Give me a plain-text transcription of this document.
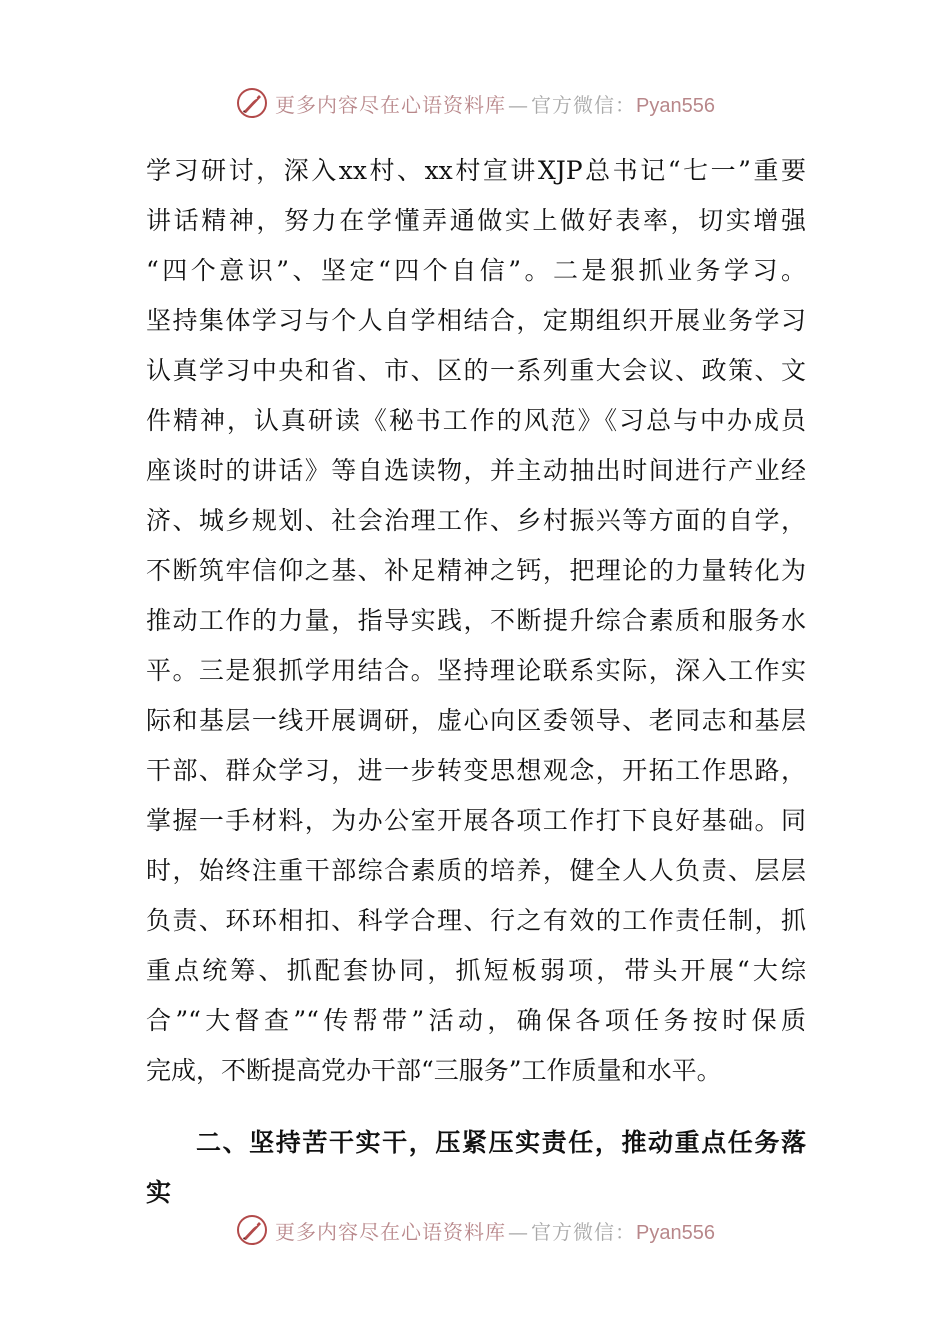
更多内容尽在心语资料库 — 官方微信：Pyan556
学习研讨，深入xx村、xx村宣讲XJP总书记“七一”重要
讲话精神，努力在学懂弄通做实上做好表率，切实增强
“四个意识”、坚定“四个自信”。二是狠抓业务学习。
坚持集体学习与个人自学相结合，定期组织开展业务学习
认真学习中央和省、市、区的一系列重大会议、政策、文
件精神，认真研读《秘书工作的风范》《习总与中办成员
座谈时的讲话》等自选读物，并主动抽出时间进行产业经
济、城乡规划、社会治理工作、乡村振兴等方面的自学，
不断筑牢信仰之基、补足精神之钙，把理论的力量转化为
推动工作的力量，指导实践，不断提升综合素质和服务水
平。三是狠抓学用结合。坚持理论联系实际，深入工作实
际和基层一线开展调研，虚心向区委领导、老同志和基层
干部、群众学习，进一步转变思想观念，开拓工作思路，
掌握一手材料，为办公室开展各项工作打下良好基础。同
时，始终注重干部综合素质的培养，健全人人负责、层层
负责、环环相扣、科学合理、行之有效的工作责任制，抓
重点统筹、抓配套协同，抓短板弱项，带头开展“大综
合”“大督查”“传帮带”活动，确保各项任务按时保质
完成，不断提高党办干部“三服务”工作质量和水平。
二、坚持苦干实干，压紧压实责任，推动重点任务落
实
更多内容尽在心语资料库 — 官方微信：Pyan556
